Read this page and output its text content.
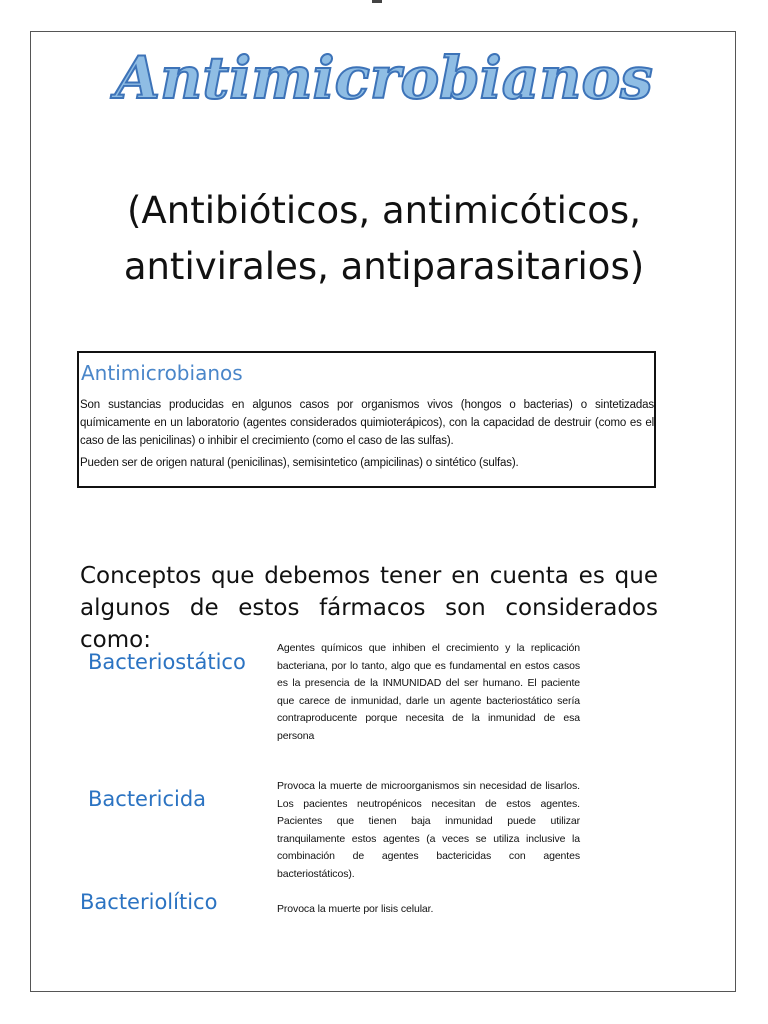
Antimicrobianos
(Antibióticos, antimicóticos, antivirales, antiparasitarios)
Antimicrobianos

Son sustancias producidas en algunos casos por organismos vivos (hongos o bacterias) o sintetizadas químicamente en un laboratorio (agentes considerados quimioterápicos), con la capacidad de destruir (como es el caso de las penicilinas) o inhibir el crecimiento (como el caso de las sulfas).

Pueden ser de origen natural (penicilinas), semisintetico (ampicilinas) o sintético (sulfas).

Conceptos que debemos tener en cuenta es que algunos de estos fármacos son considerados como:
Bacteriostático
Agentes químicos que inhiben el crecimiento y la replicación bacteriana, por lo tanto, algo que es fundamental en estos casos es la presencia de la INMUNIDAD del ser humano. El paciente que carece de inmunidad, darle un agente bacteriostático sería contraproducente porque necesita de la inmunidad de esa persona
Bactericida
Provoca la muerte de microorganismos sin necesidad de lisarlos. Los pacientes neutropénicos necesitan de estos agentes. Pacientes que tienen baja inmunidad puede utilizar tranquilamente estos agentes (a veces se utiliza inclusive la combinación de agentes bactericidas con agentes bacteriostáticos).
Bacteriolítico	Provoca la muerte por lisis celular.
